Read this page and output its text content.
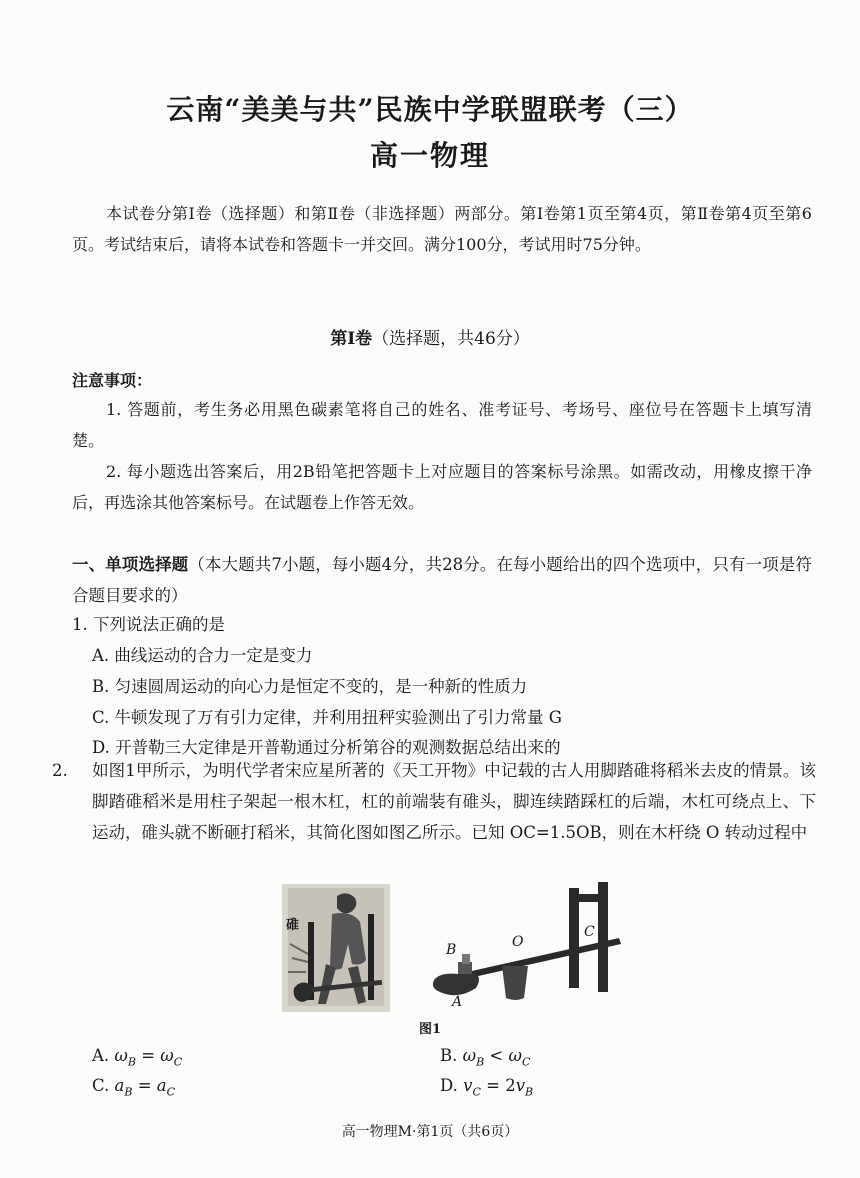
云南“美美与共”民族中学联盟联考（三）
高一物理

本试卷分第Ⅰ卷（选择题）和第Ⅱ卷（非选择题）两部分。第Ⅰ卷第1页至第4页，第Ⅱ卷第4页至第6页。考试结束后，请将本试卷和答题卡一并交回。满分100分，考试用时75分钟。

第Ⅰ卷（选择题，共46分）
注意事项：

1. 答题前，考生务必用黑色碳素笔将自己的姓名、准考证号、考场号、座位号在答题卡上填写清楚。

2. 每小题选出答案后，用2B铅笔把答题卡上对应题目的答案标号涂黑。如需改动，用橡皮擦干净后，再选涂其他答案标号。在试题卷上作答无效。

一、单项选择题（本大题共7小题，每小题4分，共28分。在每小题给出的四个选项中，只有一项是符合题目要求的）

1. 下列说法正确的是
A. 曲线运动的合力一定是变力
B. 匀速圆周运动的向心力是恒定不变的，是一种新的性质力
C. 牛顿发现了万有引力定律，并利用扭秤实验测出了引力常量 G
D. 开普勒三大定律是开普勒通过分析第谷的观测数据总结出来的
2. 如图1甲所示，为明代学者宋应星所著的《天工开物》中记载的古人用脚踏碓将稻米去皮的情景。该脚踏碓稻米是用柱子架起一根木杠，杠的前端装有碓头，脚连续踏踩杠的后端，木杠可绕点上、下运动，碓头就不断砸打稻米，其简化图如图乙所示。已知 OC=1.5OB，则在木杆绕 O 转动过程中
碓
B	O
C
A
图1
A. $\omega_B = \omega_C$	B. $\omega_B < \omega_C$
C. $a_B = a_C$	D. $v_C = 2v_B$
高一物理M·第1页（共6页）
